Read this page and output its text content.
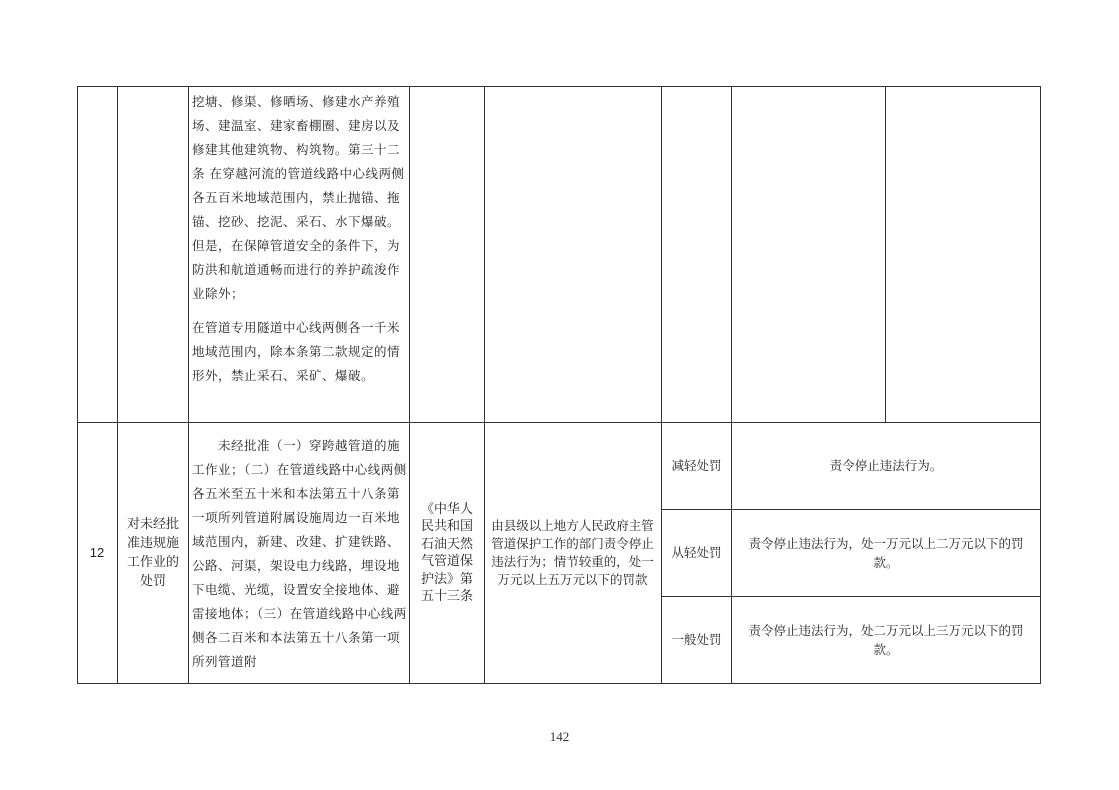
挖塘、修渠、修晒场、修建水产养殖场、建温室、建家畜棚圈、建房以及修建其他建筑物、构筑物。第三十二条 在穿越河流的管道线路中心线两侧各五百米地域范围内，禁止抛锚、拖锚、挖砂、挖泥、采石、水下爆破。但是，在保障管道安全的条件下，为防洪和航道通畅而进行的养护疏浚作业除外；
在管道专用隧道中心线两侧各一千米地域范围内，除本条第二款规定的情形外，禁止采石、采矿、爆破。
12
对未经批准违规施工作业的处罚
未经批准（一）穿跨越管道的施工作业；（二）在管道线路中心线两侧各五米至五十米和本法第五十八条第一项所列管道附属设施周边一百米地域范围内，新建、改建、扩建铁路、公路、河渠，架设电力线路，埋设地下电缆、光缆，设置安全接地体、避雷接地体；（三）在管道线路中心线两侧各二百米和本法第五十八条第一项所列管道附
《中华人民共和国石油天然气管道保护法》第五十三条
由县级以上地方人民政府主管管道保护工作的部门责令停止违法行为；情节较重的，处一万元以上五万元以下的罚款
减轻处罚	责令停止违法行为。
从轻处罚
责令停止违法行为，处一万元以上二万元以下的罚款。
一般处罚
责令停止违法行为，处二万元以上三万元以下的罚款。
142
